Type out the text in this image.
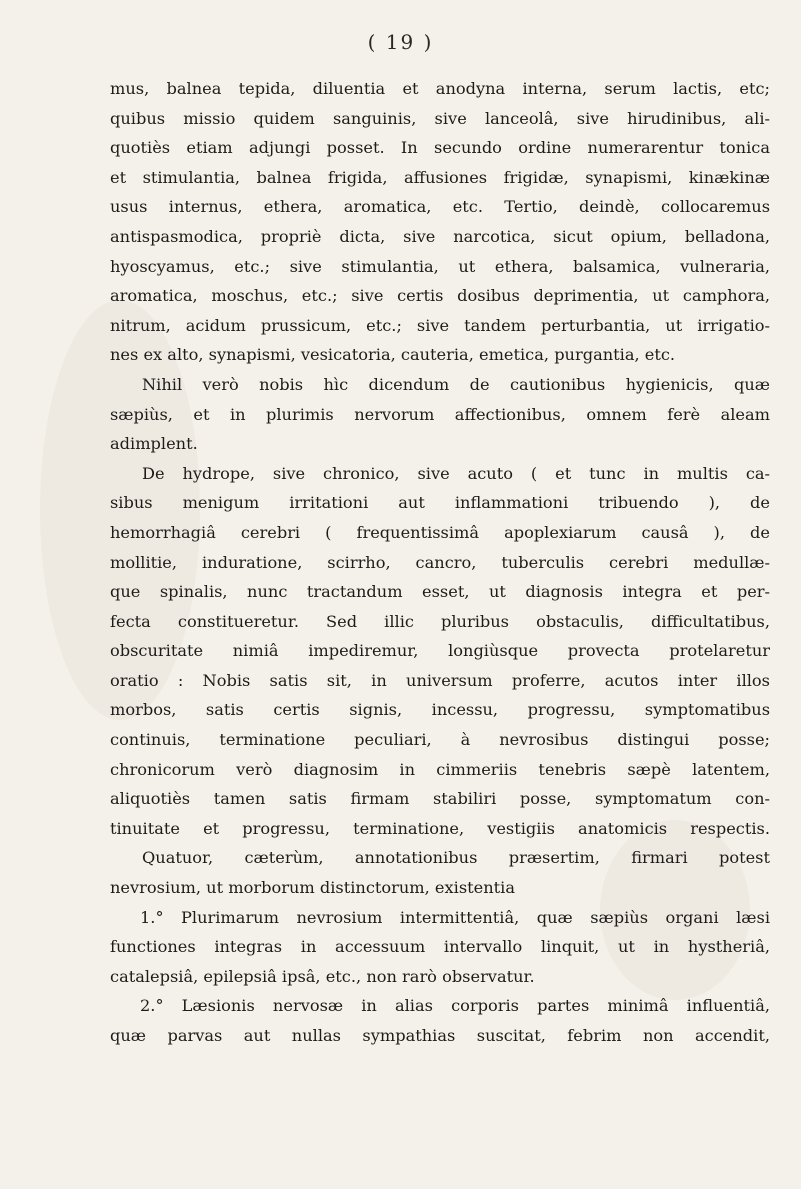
( 19 )
mus, balnea tepida, diluentia et anodyna interna, serum lactis, etc;
quibus missio quidem sanguinis, sive lanceolâ, sive hirudinibus, ali-
quotiès etiam adjungi posset. In secundo ordine numerarentur tonica
et stimulantia, balnea frigida, affusiones frigidæ, synapismi, kinækinæ
usus internus, ethera, aromatica, etc. Tertio, deindè, collocaremus
antispasmodica, propriè dicta, sive narcotica, sicut opium, belladona,
hyoscyamus, etc.; sive stimulantia, ut ethera, balsamica, vulneraria,
aromatica, moschus, etc.; sive certis dosibus deprimentia, ut camphora,
nitrum, acidum prussicum, etc.; sive tandem perturbantia, ut irrigatio-
nes ex alto, synapismi, vesicatoria, cauteria, emetica, purgantia, etc.
Nihil verò nobis hìc dicendum de cautionibus hygienicis, quæ
sæpiùs, et in plurimis nervorum affectionibus, omnem ferè aleam
adimplent.
De hydrope, sive chronico, sive acuto ( et tunc in multis ca-
sibus menigum irritationi aut inflammationi tribuendo ), de
hemorrhagiâ cerebri ( frequentissimâ apoplexiarum causâ ), de
mollitie, induratione, scirrho, cancro, tuberculis cerebri medullæ-
que spinalis, nunc tractandum esset, ut diagnosis integra et per-
fecta constitueretur. Sed illic pluribus obstaculis, difficultatibus,
obscuritate nimiâ impediremur, longiùsque provecta protelaretur
oratio : Nobis satis sit, in universum proferre, acutos inter illos
morbos, satis certis signis, incessu, progressu, symptomatibus
continuis, terminatione peculiari, à nevrosibus distingui posse;
chronicorum verò diagnosim in cimmeriis tenebris sæpè latentem,
aliquotiès tamen satis firmam stabiliri posse, symptomatum con-
tinuitate et progressu, terminatione, vestigiis anatomicis respectis.
Quatuor, cæterùm, annotationibus præsertim, firmari potest
nevrosium, ut morborum distinctorum, existentia
1.° Plurimarum nevrosium intermittentiâ, quæ sæpiùs organi læsi
functiones integras in accessuum intervallo linquit, ut in hystheriâ,
catalepsiâ, epilepsiâ ipsâ, etc., non rarò observatur.
2.° Læsionis nervosæ in alias corporis partes minimâ influentiâ,
quæ parvas aut nullas sympathias suscitat, febrim non accendit,
